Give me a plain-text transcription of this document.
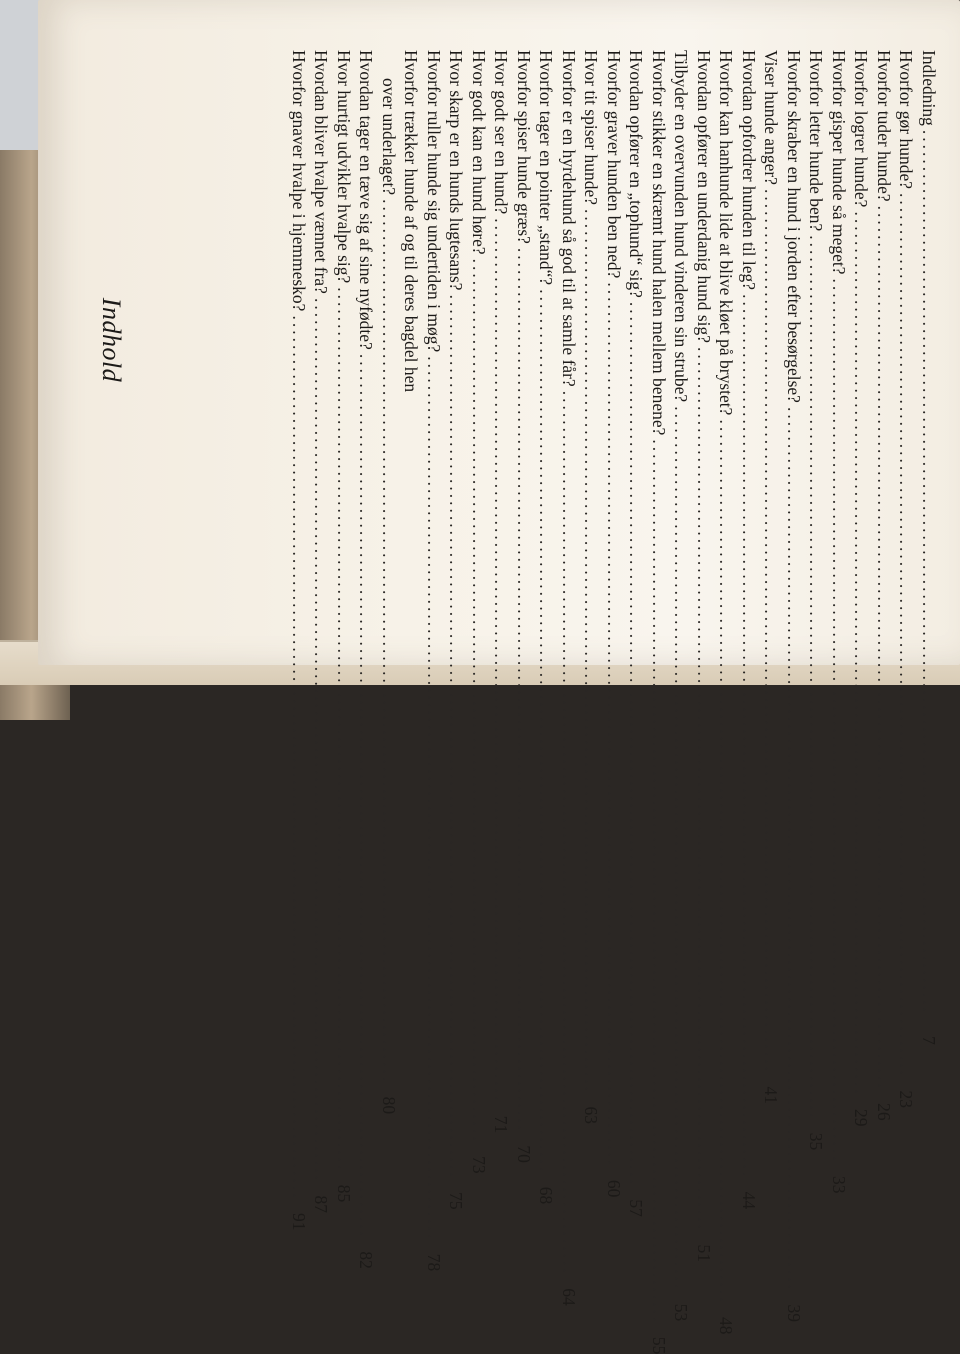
Indledning
........................................................................................................................
7
Hvorfor gør hunde?
........................................................................................................................
23
Hvorfor tuder hunde?
........................................................................................................................
26
Hvorfor logrer hunde?
........................................................................................................................
29
Hvorfor gisper hunde så meget?
........................................................................................................................
33
Hvorfor letter hunde ben?
........................................................................................................................
35
Hvorfor skraber en hund i jorden efter besørgelse?
........................................................................................................................
39
Viser hunde anger?
........................................................................................................................
41
Hvordan opfordrer hunden til leg?
........................................................................................................................
44
Hvorfor kan hanhunde lide at blive kløet på brystet?
........................................................................................................................
48
Hvordan opfører en underdanig hund sig?
........................................................................................................................
51
Tilbyder en overvunden hund vinderen sin strube?
........................................................................................................................
53
Hvorfor stikker en skræmt hund halen mellem benene?
........................................................................................................................
55
Hvordan opfører en „tophund“ sig?
........................................................................................................................
57
Hvorfor graver hunden ben ned?
........................................................................................................................
60
Hvor tit spiser hunde?
........................................................................................................................
63
Hvorfor er en hyrdehund så god til at samle får?
........................................................................................................................
64
Hvorfor tager en pointer „stand“?
........................................................................................................................
68
Hvorfor spiser hunde græs?
........................................................................................................................
70
Hvor godt ser en hund?
........................................................................................................................
71
Hvor godt kan en hund høre?
........................................................................................................................
73
Hvor skarp er en hunds lugtesans?
........................................................................................................................
75
Hvorfor ruller hunde sig undertiden i møg?
........................................................................................................................
78
Hvorfor trækker hunde af og til deres bagdel hen
over underlaget?
........................................................................................................................
80
Hvordan tager en tæve sig af sine nyfødte?
........................................................................................................................
82
Hvor hurtigt udvikler hvalpe sig?
........................................................................................................................
85
Hvordan bliver hvalpe vænnet fra?
........................................................................................................................
87
Hvorfor gnaver hvalpe i hjemmesko?
........................................................................................................................
91
Indhold
